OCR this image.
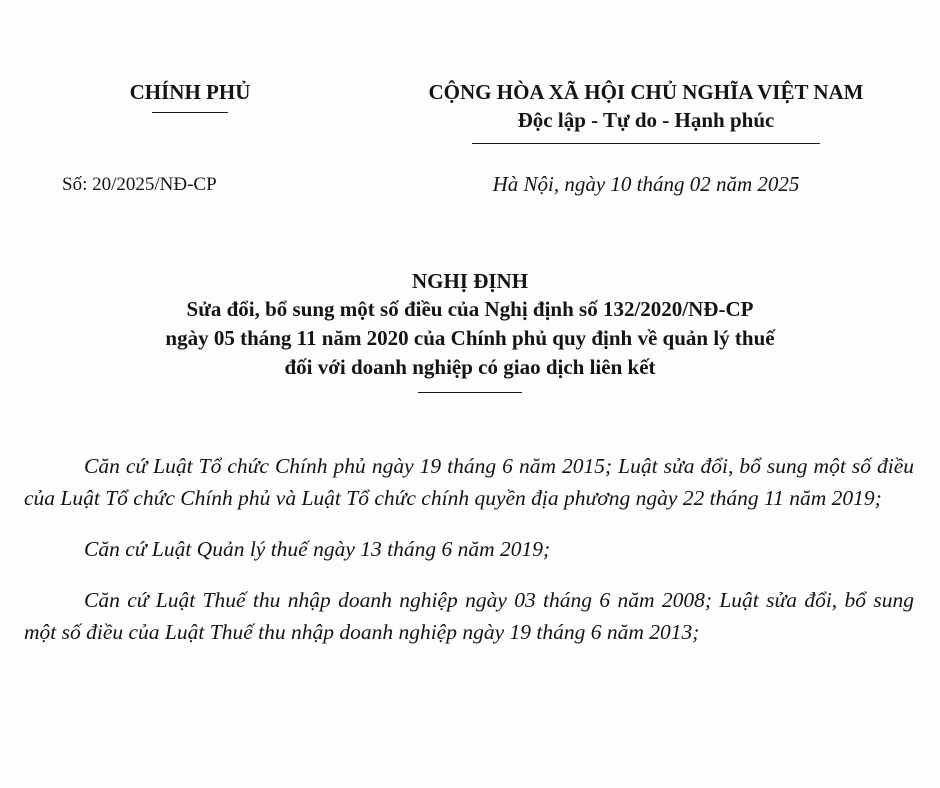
CHÍNH PHỦ	CỘNG HÒA XÃ HỘI CHỦ NGHĨA VIỆT NAM
Độc lập - Tự do - Hạnh phúc
Số: 20/2025/NĐ-CP	Hà Nội, ngày 10 tháng 02 năm 2025
NGHỊ ĐỊNH
Sửa đổi, bổ sung một số điều của Nghị định số 132/2020/NĐ-CP
ngày 05 tháng 11 năm 2020 của Chính phủ quy định về quản lý thuế
đối với doanh nghiệp có giao dịch liên kết

Căn cứ Luật Tổ chức Chính phủ ngày 19 tháng 6 năm 2015; Luật sửa đổi, bổ sung một số điều của Luật Tổ chức Chính phủ và Luật Tổ chức chính quyền địa phương ngày 22 tháng 11 năm 2019;

Căn cứ Luật Quản lý thuế ngày 13 tháng 6 năm 2019;

Căn cứ Luật Thuế thu nhập doanh nghiệp ngày 03 tháng 6 năm 2008; Luật sửa đổi, bổ sung một số điều của Luật Thuế thu nhập doanh nghiệp ngày 19 tháng 6 năm 2013;
